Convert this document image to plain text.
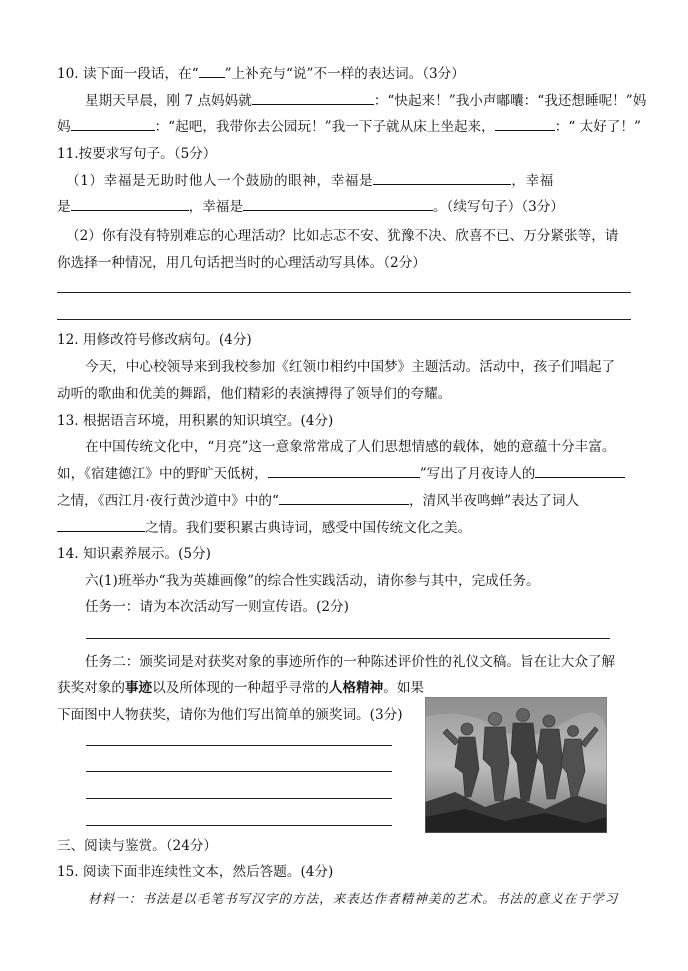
10. 读下面一段话，在“ ”上补充与“说”不一样的表达词。（3分）
星期天早晨，刚 7 点妈妈就	：“快起来！”我小声嘟囔：“我还想睡呢！”妈
妈	：“起吧，我带你去公园玩！”我一下子就从床上坐起来，	：“ 太好了！”
11.按要求写句子。（5分）
（1）幸福是无助时他人一个鼓励的眼神，幸福是	，幸福
是	，幸福是	。（续写句子）（3分）
（2）你有没有特别难忘的心理活动？比如忐忑不安、犹豫不决、欣喜不已、万分紧张等，请
你选择一种情况，用几句话把当时的心理活动写具体。（2分）
12. 用修改符号修改病句。(4分)
今天，中心校领导来到我校参加《红领巾相约中国梦》主题活动。活动中，孩子们唱起了
动听的歌曲和优美的舞蹈，他们精彩的表演搏得了领导们的夸耀。
13. 根据语言环境，用积累的知识填空。(4分)
在中国传统文化中，“月亮”这一意象常常成了人们思想情感的载体，她的意蕴十分丰富。
如，《宿建德江》中的野旷天低树，	”写出了月夜诗人的
之情，《西江月·夜行黄沙道中》中的“	，清风半夜鸣蝉”表达了词人
之情。我们要积累古典诗词，感受中国传统文化之美。
14. 知识素养展示。(5分)
六(1)班举办“我为英雄画像”的综合性实践活动，请你参与其中，完成任务。
任务一：请为本次活动写一则宣传语。(2分)
任务二：颁奖词是对获奖对象的事迹所作的一种陈述评价性的礼仪文稿。旨在让大众了解
获奖对象的事迹以及所体现的一种超乎寻常的人格精神。如果
下面图中人物获奖，请你为他们写出简单的颁奖词。(3分)
三、阅读与鉴赏。（24分）
15. 阅读下面非连续性文本，然后答题。(4分)
材料一：书法是以毛笔书写汉字的方法，来表达作者精神美的艺术。书法的意义在于学习
